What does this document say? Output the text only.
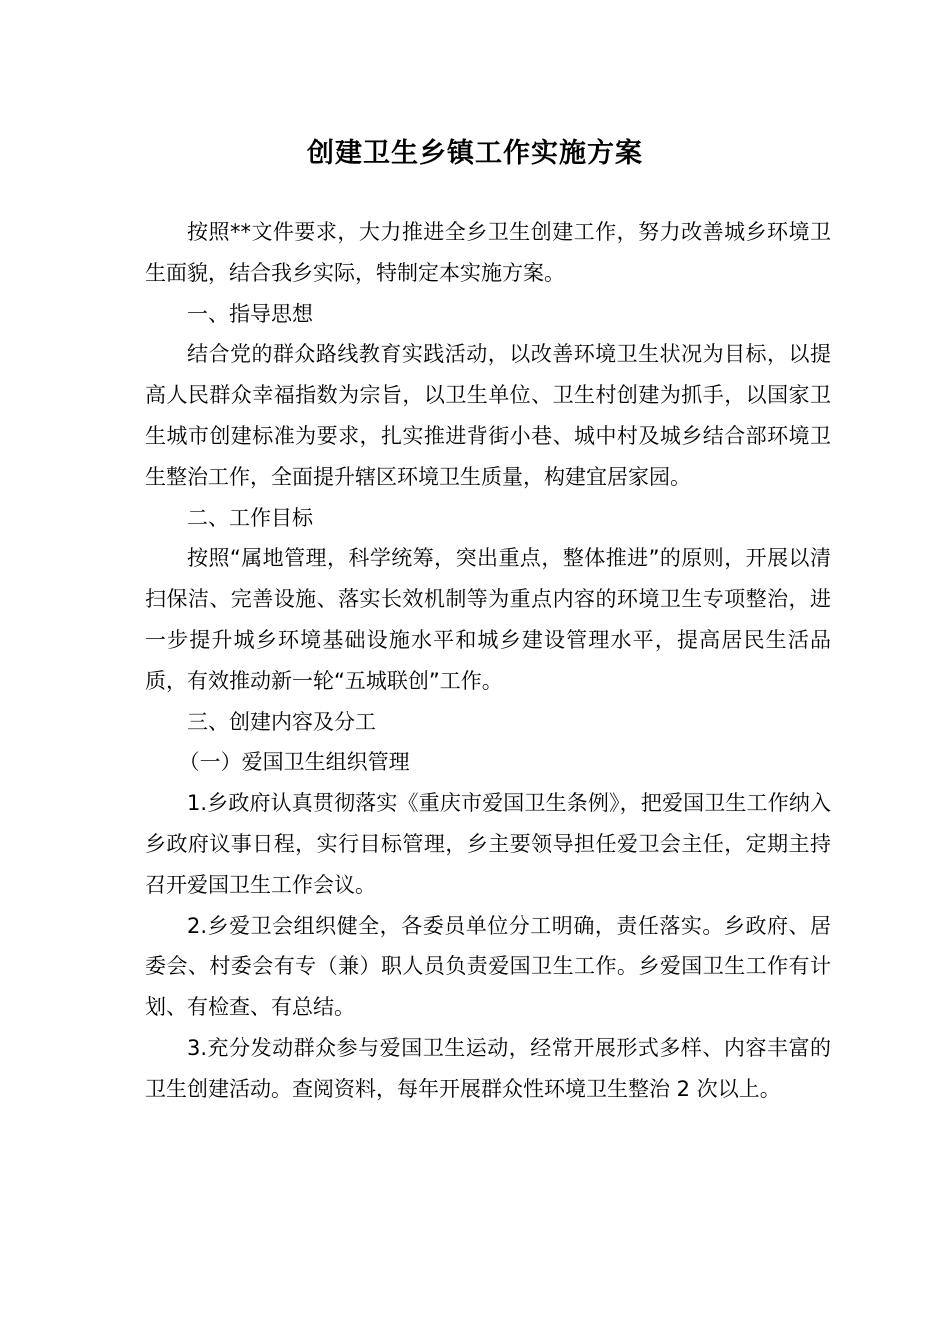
创建卫生乡镇工作实施方案

按照**文件要求，大力推进全乡卫生创建工作，努力改善城乡环境卫生面貌，结合我乡实际，特制定本实施方案。

一、指导思想

结合党的群众路线教育实践活动，以改善环境卫生状况为目标，以提高人民群众幸福指数为宗旨，以卫生单位、卫生村创建为抓手，以国家卫生城市创建标准为要求，扎实推进背街小巷、城中村及城乡结合部环境卫生整治工作，全面提升辖区环境卫生质量，构建宜居家园。

二、工作目标

按照“属地管理，科学统筹，突出重点，整体推进”的原则，开展以清扫保洁、完善设施、落实长效机制等为重点内容的环境卫生专项整治，进一步提升城乡环境基础设施水平和城乡建设管理水平，提高居民生活品质，有效推动新一轮“五城联创”工作。

三、创建内容及分工

（一）爱国卫生组织管理

1.乡政府认真贯彻落实《重庆市爱国卫生条例》，把爱国卫生工作纳入乡政府议事日程，实行目标管理，乡主要领导担任爱卫会主任，定期主持召开爱国卫生工作会议。

2.乡爱卫会组织健全，各委员单位分工明确，责任落实。乡政府、居委会、村委会有专（兼）职人员负责爱国卫生工作。乡爱国卫生工作有计划、有检查、有总结。

3.充分发动群众参与爱国卫生运动，经常开展形式多样、内容丰富的卫生创建活动。查阅资料，每年开展群众性环境卫生整治 2 次以上。
